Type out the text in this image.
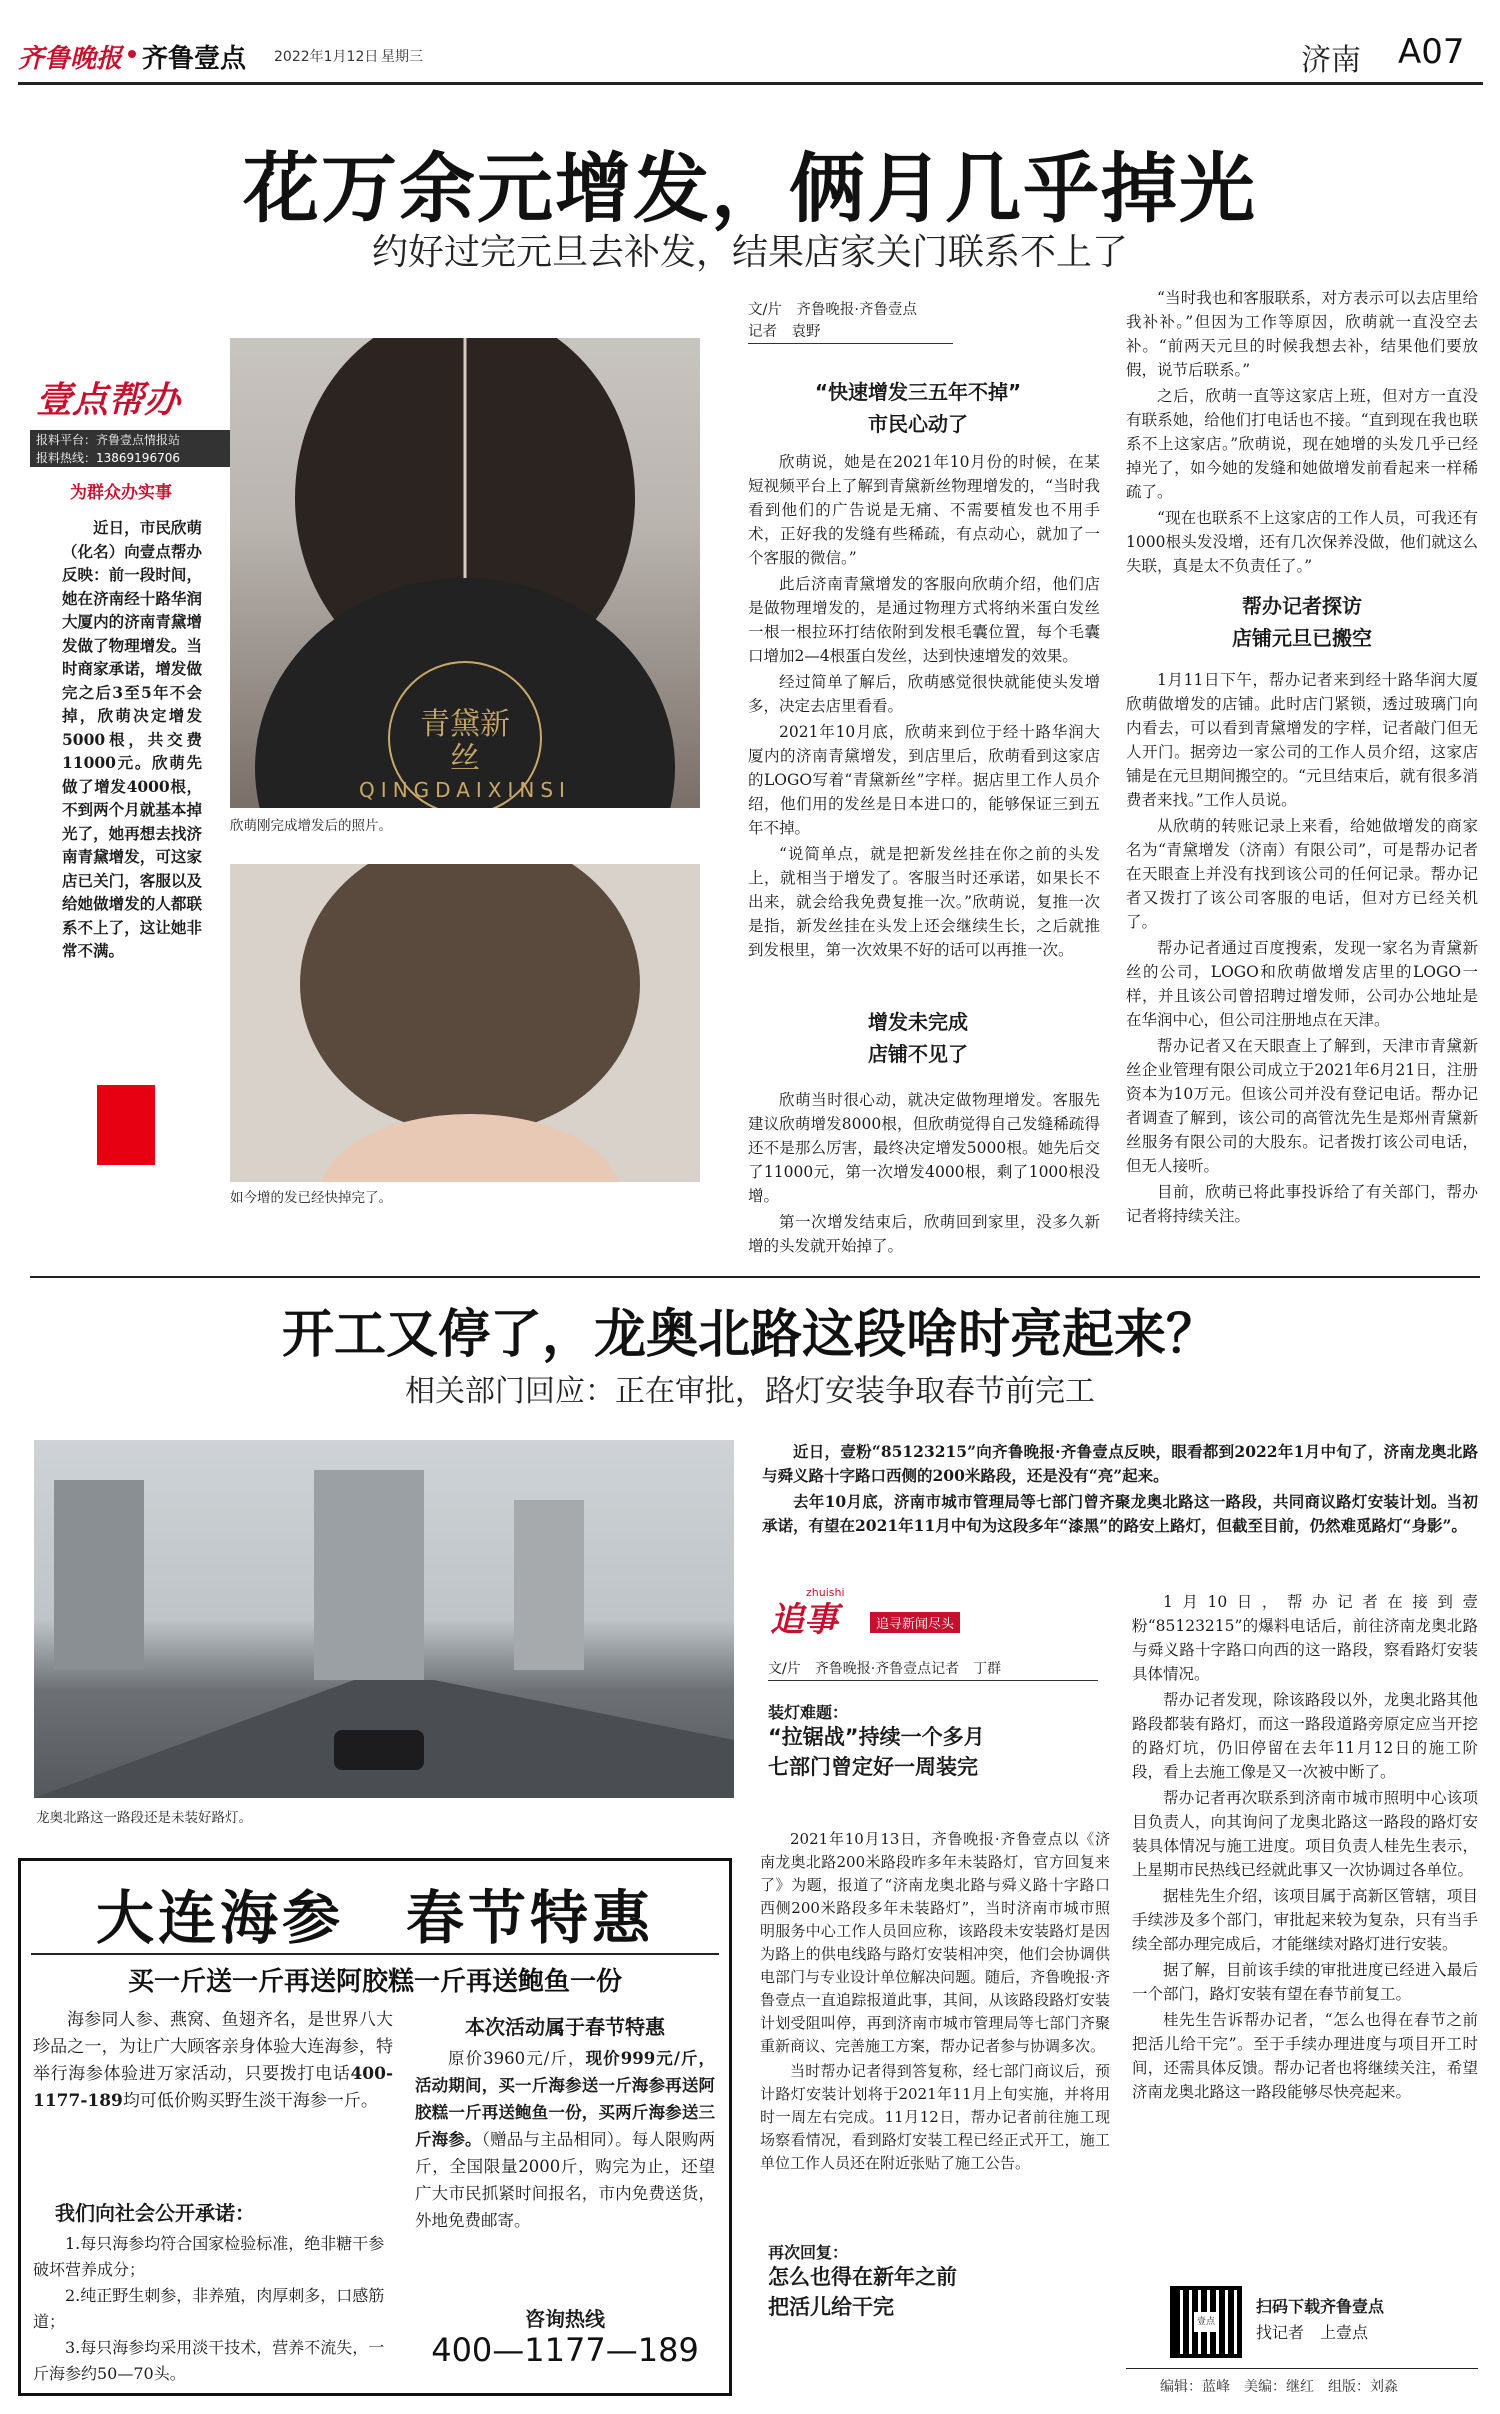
齐鲁晚报 齐鲁壹点 2022年1月12日 星期三	济南 A07
花万余元增发，俩月几乎掉光
约好过完元旦去补发，结果店家关门联系不上了
壹点帮办
报料平台：齐鲁壹点情报站
报料热线：13869196706
为群众办实事
近日，市民欣萌（化名）向壹点帮办反映：前一段时间，她在济南经十路华润大厦内的济南青黛增发做了物理增发。当时商家承诺，增发做完之后3至5年不会掉，欣萌决定增发5000根，共交费11000元。欣萌先做了增发4000根，不到两个月就基本掉光了，她再想去找济南青黛增发，可这家店已关门，客服以及给她做增发的人都联系不上了，这让她非常不满。
青黛新丝
QINGDAIXINSI
欣萌刚完成增发后的照片。
如今增的发已经快掉完了。
文/片　齐鲁晚报·齐鲁壹点
记者　袁野
“快速增发三五年不掉”
市民心动了

欣萌说，她是在2021年10月份的时候，在某短视频平台上了解到青黛新丝物理增发的，“当时我看到他们的广告说是无痛、不需要植发也不用手术，正好我的发缝有些稀疏，有点动心，就加了一个客服的微信。”

此后济南青黛增发的客服向欣萌介绍，他们店是做物理增发的，是通过物理方式将纳米蛋白发丝一根一根拉环打结依附到发根毛囊位置，每个毛囊口增加2—4根蛋白发丝，达到快速增发的效果。

经过简单了解后，欣萌感觉很快就能使头发增多，决定去店里看看。

2021年10月底，欣萌来到位于经十路华润大厦内的济南青黛增发，到店里后，欣萌看到这家店的LOGO写着“青黛新丝”字样。据店里工作人员介绍，他们用的发丝是日本进口的，能够保证三到五年不掉。

“说简单点，就是把新发丝挂在你之前的头发上，就相当于增发了。客服当时还承诺，如果长不出来，就会给我免费复推一次。”欣萌说，复推一次是指，新发丝挂在头发上还会继续生长，之后就推到发根里，第一次效果不好的话可以再推一次。

增发未完成
店铺不见了

欣萌当时很心动，就决定做物理增发。客服先建议欣萌增发8000根，但欣萌觉得自己发缝稀疏得还不是那么厉害，最终决定增发5000根。她先后交了11000元，第一次增发4000根，剩了1000根没增。

第一次增发结束后，欣萌回到家里，没多久新增的头发就开始掉了。

“当时我也和客服联系，对方表示可以去店里给我补补。”但因为工作等原因，欣萌就一直没空去补。“前两天元旦的时候我想去补，结果他们要放假，说节后联系。”

之后，欣萌一直等这家店上班，但对方一直没有联系她，给他们打电话也不接。“直到现在我也联系不上这家店。”欣萌说，现在她增的头发几乎已经掉光了，如今她的发缝和她做增发前看起来一样稀疏了。

“现在也联系不上这家店的工作人员，可我还有1000根头发没增，还有几次保养没做，他们就这么失联，真是太不负责任了。”

帮办记者探访
店铺元旦已搬空

1月11日下午，帮办记者来到经十路华润大厦欣萌做增发的店铺。此时店门紧锁，透过玻璃门向内看去，可以看到青黛增发的字样，记者敲门但无人开门。据旁边一家公司的工作人员介绍，这家店铺是在元旦期间搬空的。“元旦结束后，就有很多消费者来找。”工作人员说。

从欣萌的转账记录上来看，给她做增发的商家名为“青黛增发（济南）有限公司”，可是帮办记者在天眼查上并没有找到该公司的任何记录。帮办记者又拨打了该公司客服的电话，但对方已经关机了。

帮办记者通过百度搜索，发现一家名为青黛新丝的公司，LOGO和欣萌做增发店里的LOGO一样，并且该公司曾招聘过增发师，公司办公地址是在华润中心，但公司注册地点在天津。

帮办记者又在天眼查上了解到，天津市青黛新丝企业管理有限公司成立于2021年6月21日，注册资本为10万元。但该公司并没有登记电话。帮办记者调查了解到，该公司的高管沈先生是郑州青黛新丝服务有限公司的大股东。记者拨打该公司电话，但无人接听。

目前，欣萌已将此事投诉给了有关部门，帮办记者将持续关注。

开工又停了，龙奥北路这段啥时亮起来？
相关部门回应：正在审批，路灯安装争取春节前完工
龙奥北路这一路段还是未装好路灯。

近日，壹粉“85123215”向齐鲁晚报·齐鲁壹点反映，眼看都到2022年1月中旬了，济南龙奥北路与舜义路十字路口西侧的200米路段，还是没有“亮”起来。

去年10月底，济南市城市管理局等七部门曾齐聚龙奥北路这一路段，共同商议路灯安装计划。当初承诺，有望在2021年11月中旬为这段多年“漆黑”的路安上路灯，但截至目前，仍然难觅路灯“身影”。

zhuishi
追事	追寻新闻尽头
文/片　齐鲁晚报·齐鲁壹点记者　丁群
装灯难题：
“拉锯战”持续一个多月
七部门曾定好一周装完

2021年10月13日，齐鲁晚报·齐鲁壹点以《济南龙奥北路200米路段昨多年未装路灯，官方回复来了》为题，报道了“济南龙奥北路与舜义路十字路口西侧200米路段多年未装路灯”，当时济南市城市照明服务中心工作人员回应称，该路段未安装路灯是因为路上的供电线路与路灯安装相冲突，他们会协调供电部门与专业设计单位解决问题。随后，齐鲁晚报·齐鲁壹点一直追踪报道此事，其间，从该路段路灯安装计划受阻叫停，再到济南市城市管理局等七部门齐聚重新商议、完善施工方案，帮办记者参与协调多次。

当时帮办记者得到答复称，经七部门商议后，预计路灯安装计划将于2021年11月上旬实施，并将用时一周左右完成。11月12日，帮办记者前往施工现场察看情况，看到路灯安装工程已经正式开工，施工单位工作人员还在附近张贴了施工公告。

再次回复：
怎么也得在新年之前
把活儿给干完

1月10日，帮办记者在接到壹粉“85123215”的爆料电话后，前往济南龙奥北路与舜义路十字路口向西的这一路段，察看路灯安装具体情况。

帮办记者发现，除该路段以外，龙奥北路其他路段都装有路灯，而这一路段道路旁原定应当开挖的路灯坑，仍旧停留在去年11月12日的施工阶段，看上去施工像是又一次被中断了。

帮办记者再次联系到济南市城市照明中心该项目负责人，向其询问了龙奥北路这一路段的路灯安装具体情况与施工进度。项目负责人桂先生表示，上星期市民热线已经就此事又一次协调过各单位。

据桂先生介绍，该项目属于高新区管辖，项目手续涉及多个部门，审批起来较为复杂，只有当手续全部办理完成后，才能继续对路灯进行安装。

据了解，目前该手续的审批进度已经进入最后一个部门，路灯安装有望在春节前复工。

桂先生告诉帮办记者，“怎么也得在春节之前把活儿给干完”。至于手续办理进度与项目开工时间，还需具体反馈。帮办记者也将继续关注，希望济南龙奥北路这一路段能够尽快亮起来。

壹点
扫码下载齐鲁壹点
找记者　上壹点
编辑：蓝峰　美编：继红　组版：刘淼
大连海参　春节特惠
买一斤送一斤再送阿胶糕一斤再送鲍鱼一份
海参同人参、燕窝、鱼翅齐名，是世界八大珍品之一，为让广大顾客亲身体验大连海参，特举行海参体验进万家活动，只要拨打电话400-1177-189均可低价购买野生淡干海参一斤。
我们向社会公开承诺：

1.每只海参均符合国家检验标准，绝非糖干参破坏营养成分；

2.纯正野生刺参，非养殖，肉厚刺多，口感筋道；

3.每只海参均采用淡干技术，营养不流失，一斤海参约50—70头。

本次活动属于春节特惠
原价3960元/斤，现价999元/斤，活动期间，买一斤海参送一斤海参再送阿胶糕一斤再送鲍鱼一份，买两斤海参送三斤海参。（赠品与主品相同）。每人限购两斤，全国限量2000斤，购完为止，还望广大市民抓紧时间报名，市内免费送货，外地免费邮寄。
咨询热线
400—1177—189
